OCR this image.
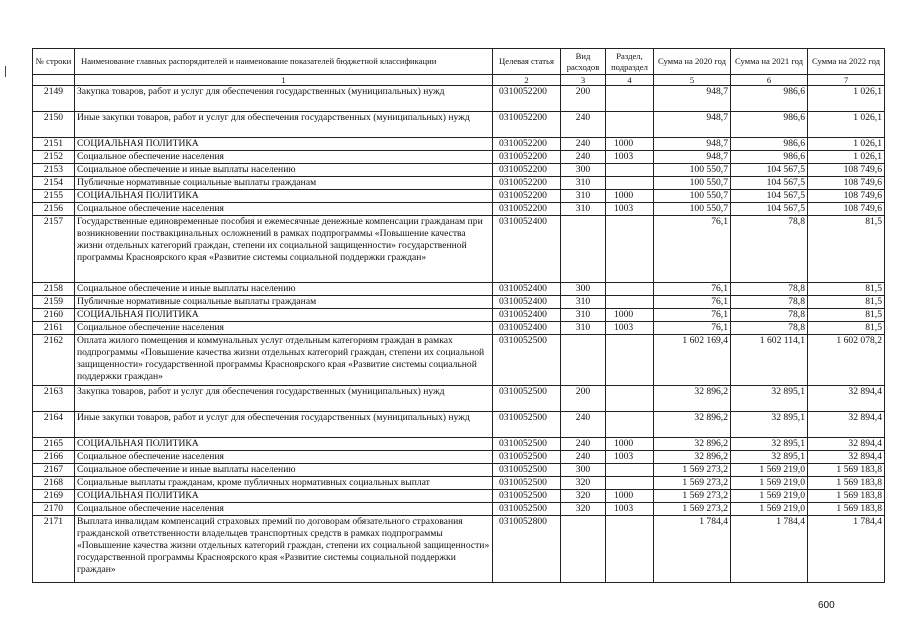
№ строки	Наименование главных распорядителей и наименование показателей бюджетной классификации	Целевая статья	Вид расходов	Раздел, подраздел	Сумма на 2020 год	Сумма на 2021 год	Сумма на 2022 год
	1	2	3	4	5	6	7
2149	Закупка товаров, работ и услуг для обеспечения государственных (муниципальных) нужд	0310052200	200		948,7	986,6	1 026,1
2150	Иные закупки товаров, работ и услуг для обеспечения государственных (муниципальных) нужд	0310052200	240		948,7	986,6	1 026,1
2151	СОЦИАЛЬНАЯ ПОЛИТИКА	0310052200	240	1000	948,7	986,6	1 026,1
2152	Социальное обеспечение населения	0310052200	240	1003	948,7	986,6	1 026,1
2153	Социальное обеспечение и иные выплаты населению	0310052200	300		100 550,7	104 567,5	108 749,6
2154	Публичные нормативные социальные выплаты гражданам	0310052200	310		100 550,7	104 567,5	108 749,6
2155	СОЦИАЛЬНАЯ ПОЛИТИКА	0310052200	310	1000	100 550,7	104 567,5	108 749,6
2156	Социальное обеспечение населения	0310052200	310	1003	100 550,7	104 567,5	108 749,6
2157	Государственные единовременные пособия и ежемесячные денежные компенсации гражданам при возникновении поствакцинальных осложнений в рамках подпрограммы «Повышение качества жизни отдельных категорий граждан, степени их социальной защищенности» государственной программы Красноярского края «Развитие системы социальной поддержки граждан»	0310052400			76,1	78,8	81,5
2158	Социальное обеспечение и иные выплаты населению	0310052400	300		76,1	78,8	81,5
2159	Публичные нормативные социальные выплаты гражданам	0310052400	310		76,1	78,8	81,5
2160	СОЦИАЛЬНАЯ ПОЛИТИКА	0310052400	310	1000	76,1	78,8	81,5
2161	Социальное обеспечение населения	0310052400	310	1003	76,1	78,8	81,5
2162	Оплата жилого помещения и коммунальных услуг отдельным категориям граждан в рамках подпрограммы «Повышение качества жизни отдельных категорий граждан, степени их социальной защищенности» государственной программы Красноярского края «Развитие системы социальной поддержки граждан»	0310052500			1 602 169,4	1 602 114,1	1 602 078,2
2163	Закупка товаров, работ и услуг для обеспечения государственных (муниципальных) нужд	0310052500	200		32 896,2	32 895,1	32 894,4
2164	Иные закупки товаров, работ и услуг для обеспечения государственных (муниципальных) нужд	0310052500	240		32 896,2	32 895,1	32 894,4
2165	СОЦИАЛЬНАЯ ПОЛИТИКА	0310052500	240	1000	32 896,2	32 895,1	32 894,4
2166	Социальное обеспечение населения	0310052500	240	1003	32 896,2	32 895,1	32 894,4
2167	Социальное обеспечение и иные выплаты населению	0310052500	300		1 569 273,2	1 569 219,0	1 569 183,8
2168	Социальные выплаты гражданам, кроме публичных нормативных социальных выплат	0310052500	320		1 569 273,2	1 569 219,0	1 569 183,8
2169	СОЦИАЛЬНАЯ ПОЛИТИКА	0310052500	320	1000	1 569 273,2	1 569 219,0	1 569 183,8
2170	Социальное обеспечение населения	0310052500	320	1003	1 569 273,2	1 569 219,0	1 569 183,8
2171	Выплата инвалидам компенсаций страховых премий по договорам обязательного страхования гражданской ответственности владельцев транспортных средств в рамках подпрограммы «Повышение качества жизни отдельных категорий граждан, степени их социальной защищенности» государственной программы Красноярского края «Развитие системы социальной поддержки граждан»	0310052800			1 784,4	1 784,4	1 784,4
600
